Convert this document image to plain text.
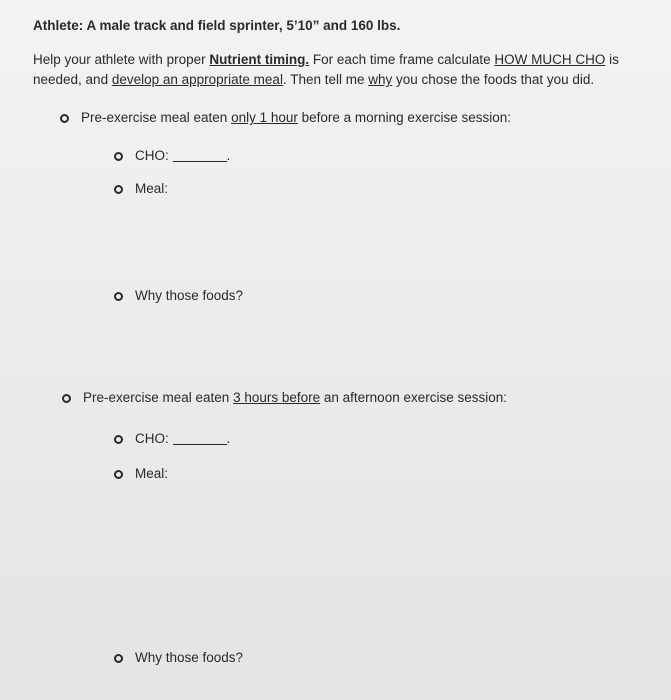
Athlete: A male track and field sprinter, 5’10” and 160 lbs.
Help your athlete with proper Nutrient timing. For each time frame calculate HOW MUCH CHO is
needed, and develop an appropriate meal. Then tell me why you chose the foods that you did.
Pre-exercise meal eaten only 1 hour before a morning exercise session:
CHO:	.
Meal:
Why those foods?
Pre-exercise meal eaten 3 hours before an afternoon exercise session:
CHO:	.
Meal:
Why those foods?
